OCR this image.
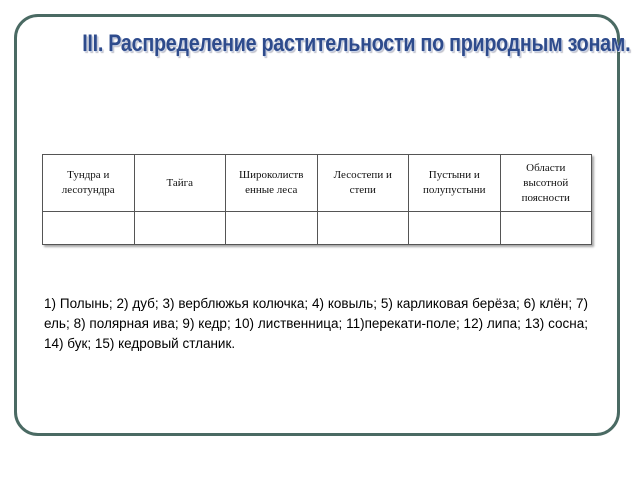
III. Распределение растительности по природным зонам.
Тундра и лесотундра	Тайга	Широколиств енные леса	Лесостепи и степи	Пустыни и полупустыни	Области высотной поясности

1) Полынь; 2) дуб; 3) верблюжья колючка; 4) ковыль; 5) карликовая берёза; 6) клён; 7) ель; 8) полярная ива; 9) кедр; 10) лиственница; 11)перекати-поле; 12) липа; 13) сосна; 14) бук; 15) кедровый стланик.
